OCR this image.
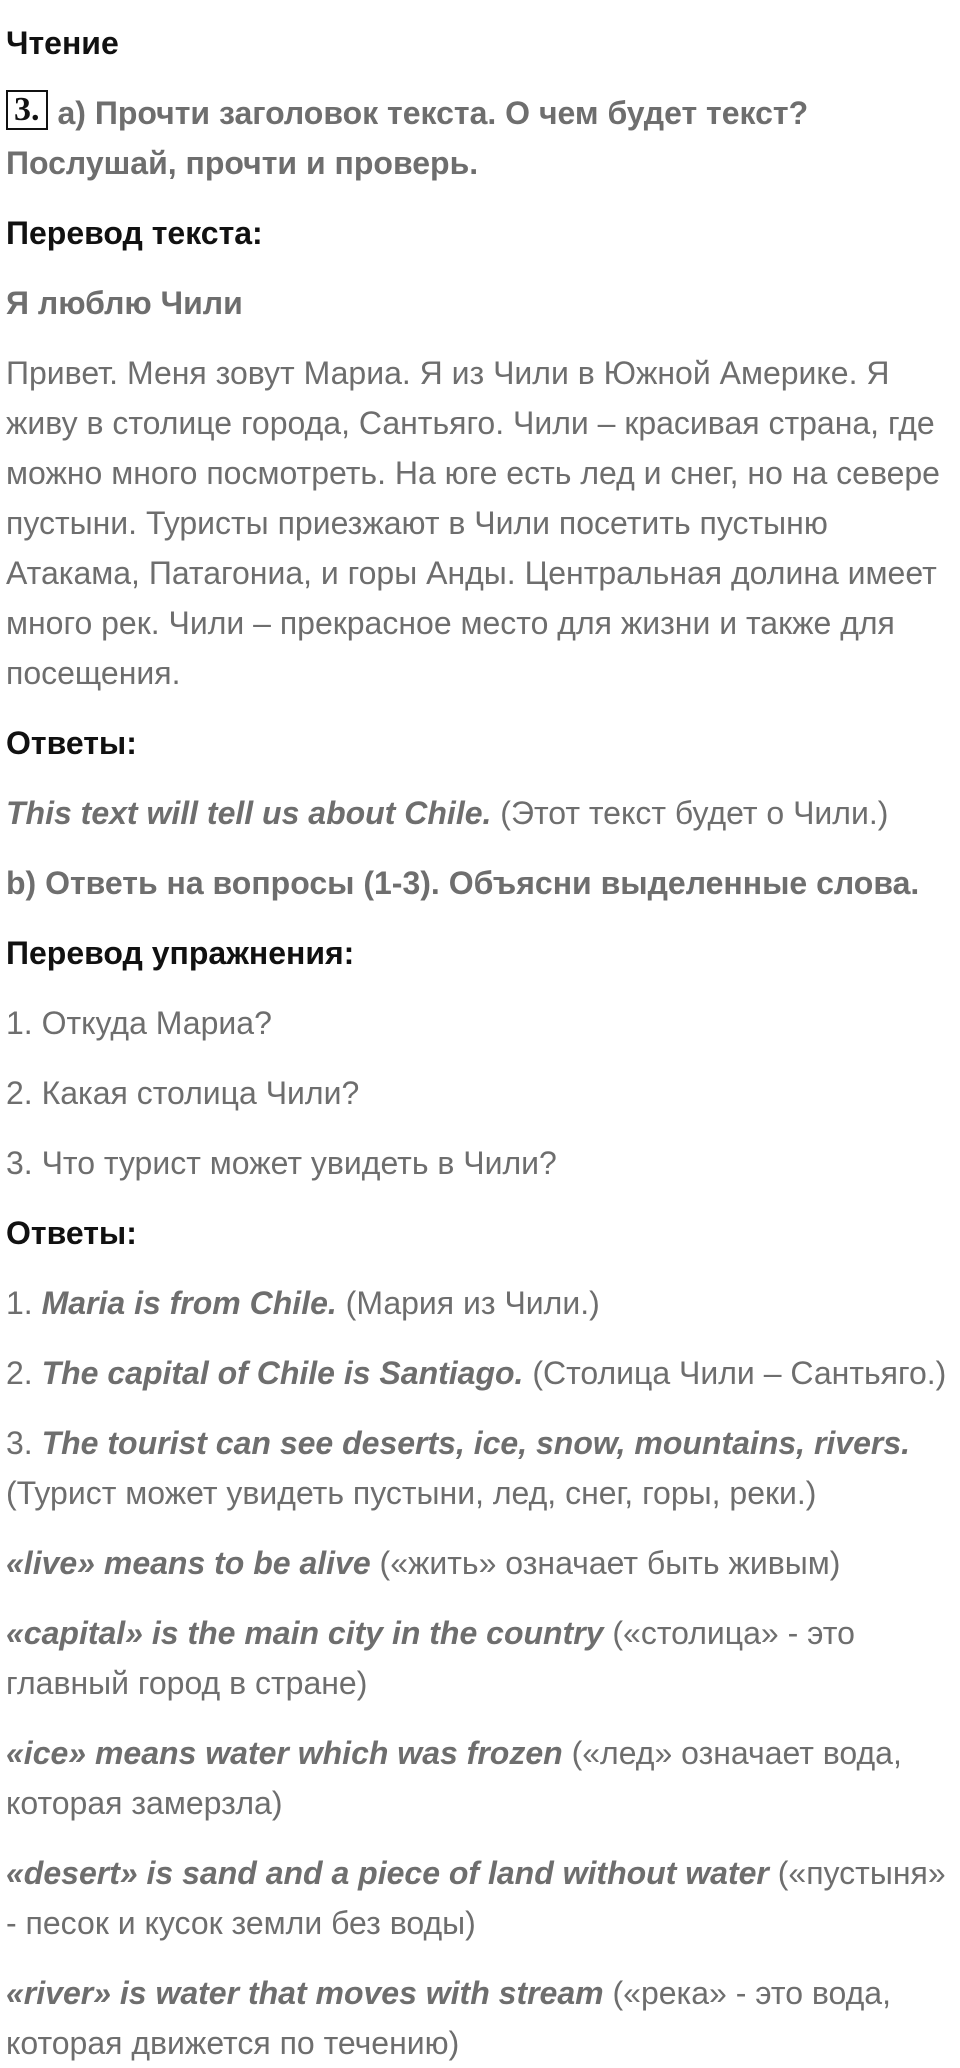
Чтение

3. a) Прочти заголовок текста. О чем будет текст? Послушай, прочти и проверь.

Перевод текста:

Я люблю Чили

Привет. Меня зовут Мариа. Я из Чили в Южной Америке. Я живу в столице города, Сантьяго. Чили – красивая страна, где можно много посмотреть. На юге есть лед и снег, но на севере пустыни. Туристы приезжают в Чили посетить пустыню Атакама, Патагониа, и горы Анды. Центральная долина имеет много рек. Чили – прекрасное место для жизни и также для посещения.

Ответы:

This text will tell us about Chile. (Этот текст будет о Чили.)

b) Ответь на вопросы (1-3). Объясни выделенные слова.

Перевод упражнения:

1. Откуда Мариа?

2. Какая столица Чили?

3. Что турист может увидеть в Чили?

Ответы:

1. Maria is from Chile. (Мария из Чили.)

2. The capital of Chile is Santiago. (Столица Чили – Сантьяго.)

3. The tourist can see deserts, ice, snow, mountains, rivers. (Турист может увидеть пустыни, лед, снег, горы, реки.)

«live» means to be alive («жить» означает быть живым)

«capital» is the main city in the country («столица» - это главный город в стране)

«ice» means water which was frozen («лед» означает вода, которая замерзла)

«desert» is sand and a piece of land without water («пустыня» - песок и кусок земли без воды)

«river» is water that moves with stream («река» - это вода, которая движется по течению)
